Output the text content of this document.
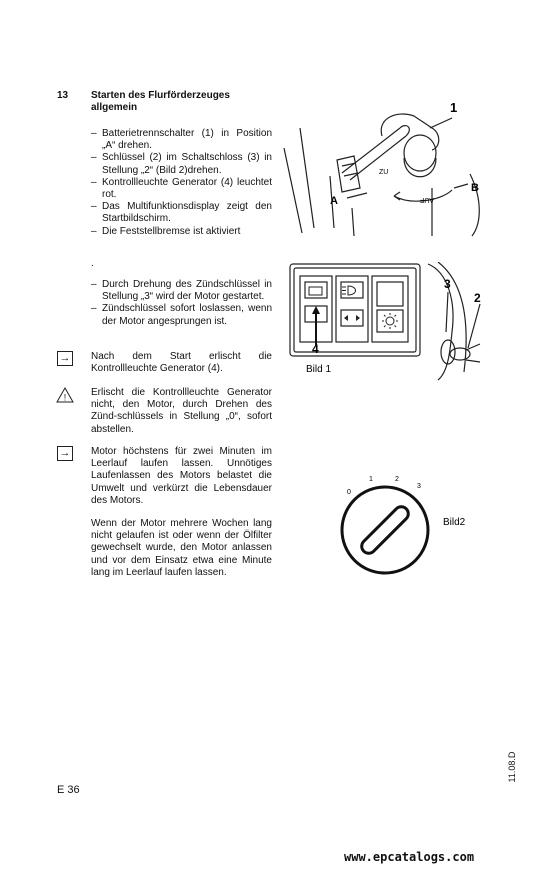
13 Starten des Flurförderzeuges allgemein
– Batterietrennschalter (1) in Position „A“ drehen.
– Schlüssel (2) im Schaltschloss (3) in Stellung „2“ (Bild 2)drehen.
– Kontrollleuchte Generator (4) leuchtet rot.
– Das Multifunktionsdisplay zeigt den Startbildschirm.
– Die Feststellbremse ist aktiviert
.
– Durch Drehung des Zündschlüssel in Stellung „3“ wird der Motor gestartet.
– Zündschlüssel sofort loslassen, wenn der Motor angesprungen ist.
→ Nach dem Start erlischt die Kontrollleuchte Generator (4).
! Erlischt die Kontrollleuchte Generator nicht, den Motor, durch Drehen des Zünd-schlüssels in Stellung „0“, sofort abstellen.
→ Motor höchstens für zwei Minuten im Leerlauf laufen lassen. Unnötiges Laufenlassen des Motors belastet die Umwelt und verkürzt die Lebensdauer des Motors.
Wenn der Motor mehrere Wochen lang nicht gelaufen ist oder wenn der Ölfilter gewechselt wurde, den Motor anlassen und vor dem Einsatz etwa eine Minute lang im Leerlauf laufen lassen.
1
A
B
AUF
ZU
4
3
2
Bild 1
0
1	2
3
Bild2
11.08.D
E 36
www.epcatalogs.com
